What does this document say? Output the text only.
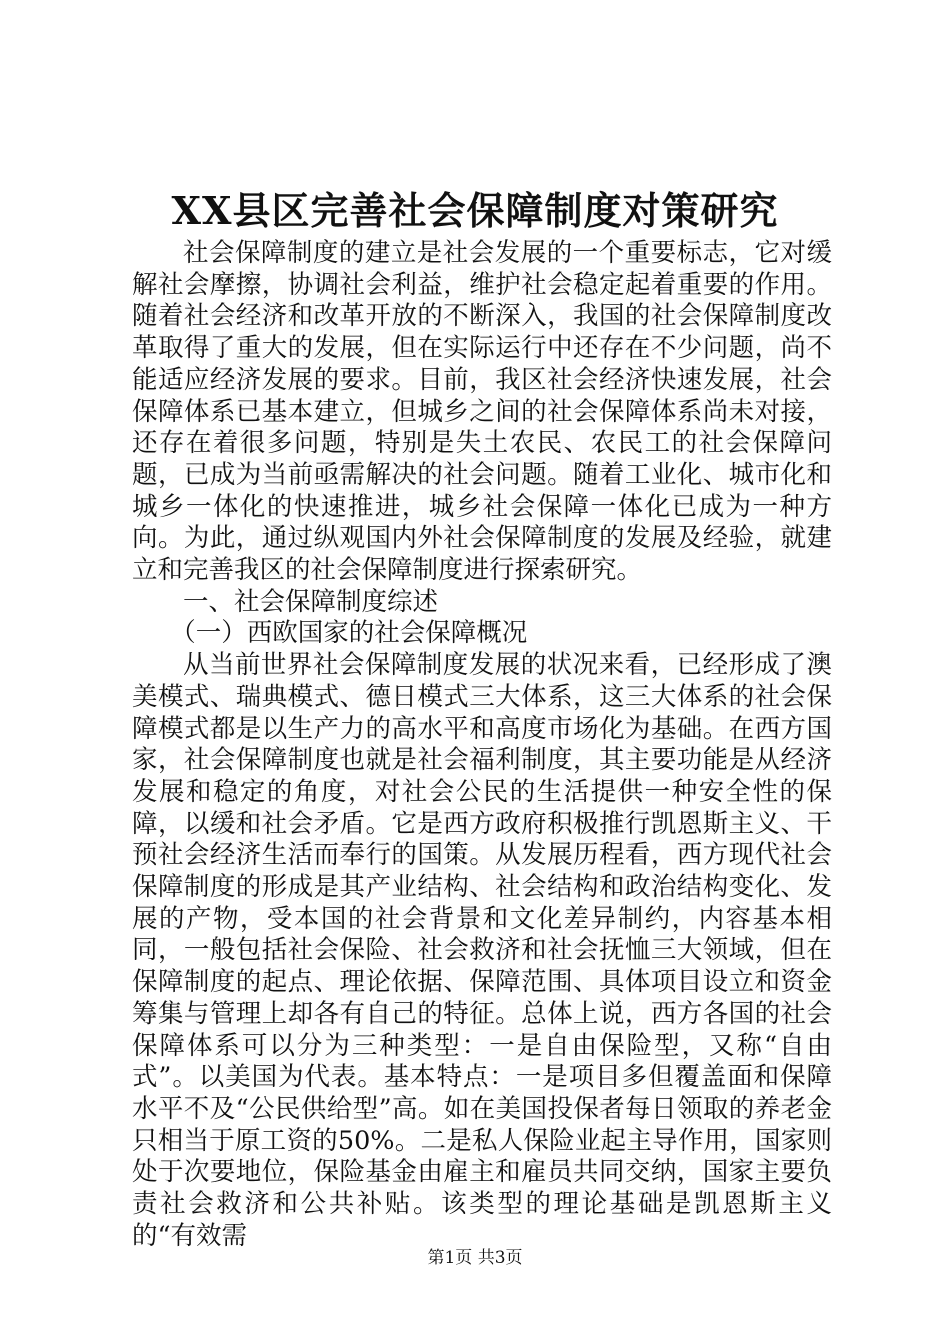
XX县区完善社会保障制度对策研究

社会保障制度的建立是社会发展的一个重要标志，它对缓解社会摩擦，协调社会利益，维护社会稳定起着重要的作用。随着社会经济和改革开放的不断深入，我国的社会保障制度改革取得了重大的发展，但在实际运行中还存在不少问题，尚不能适应经济发展的要求。目前，我区社会经济快速发展，社会保障体系已基本建立，但城乡之间的社会保障体系尚未对接，还存在着很多问题，特别是失土农民、农民工的社会保障问题，已成为当前亟需解决的社会问题。随着工业化、城市化和城乡一体化的快速推进，城乡社会保障一体化已成为一种方向。为此，通过纵观国内外社会保障制度的发展及经验，就建立和完善我区的社会保障制度进行探索研究。

一、社会保障制度综述

（一）西欧国家的社会保障概况

从当前世界社会保障制度发展的状况来看，已经形成了澳美模式、瑞典模式、德日模式三大体系，这三大体系的社会保障模式都是以生产力的高水平和高度市场化为基础。在西方国家，社会保障制度也就是社会福利制度，其主要功能是从经济发展和稳定的角度，对社会公民的生活提供一种安全性的保障，以缓和社会矛盾。它是西方政府积极推行凯恩斯主义、干预社会经济生活而奉行的国策。从发展历程看，西方现代社会保障制度的形成是其产业结构、社会结构和政治结构变化、发展的产物，受本国的社会背景和文化差异制约，内容基本相同，一般包括社会保险、社会救济和社会抚恤三大领域，但在保障制度的起点、理论依据、保障范围、具体项目设立和资金筹集与管理上却各有自己的特征。总体上说，西方各国的社会保障体系可以分为三种类型：一是自由保险型，又称“自由式”。以美国为代表。基本特点：一是项目多但覆盖面和保障水平不及“公民供给型”高。如在美国投保者每日领取的养老金只相当于原工资的50%。二是私人保险业起主导作用，国家则处于次要地位，保险基金由雇主和雇员共同交纳，国家主要负责社会救济和公共补贴。该类型的理论基础是凯恩斯主义的“有效需

第1页 共3页
